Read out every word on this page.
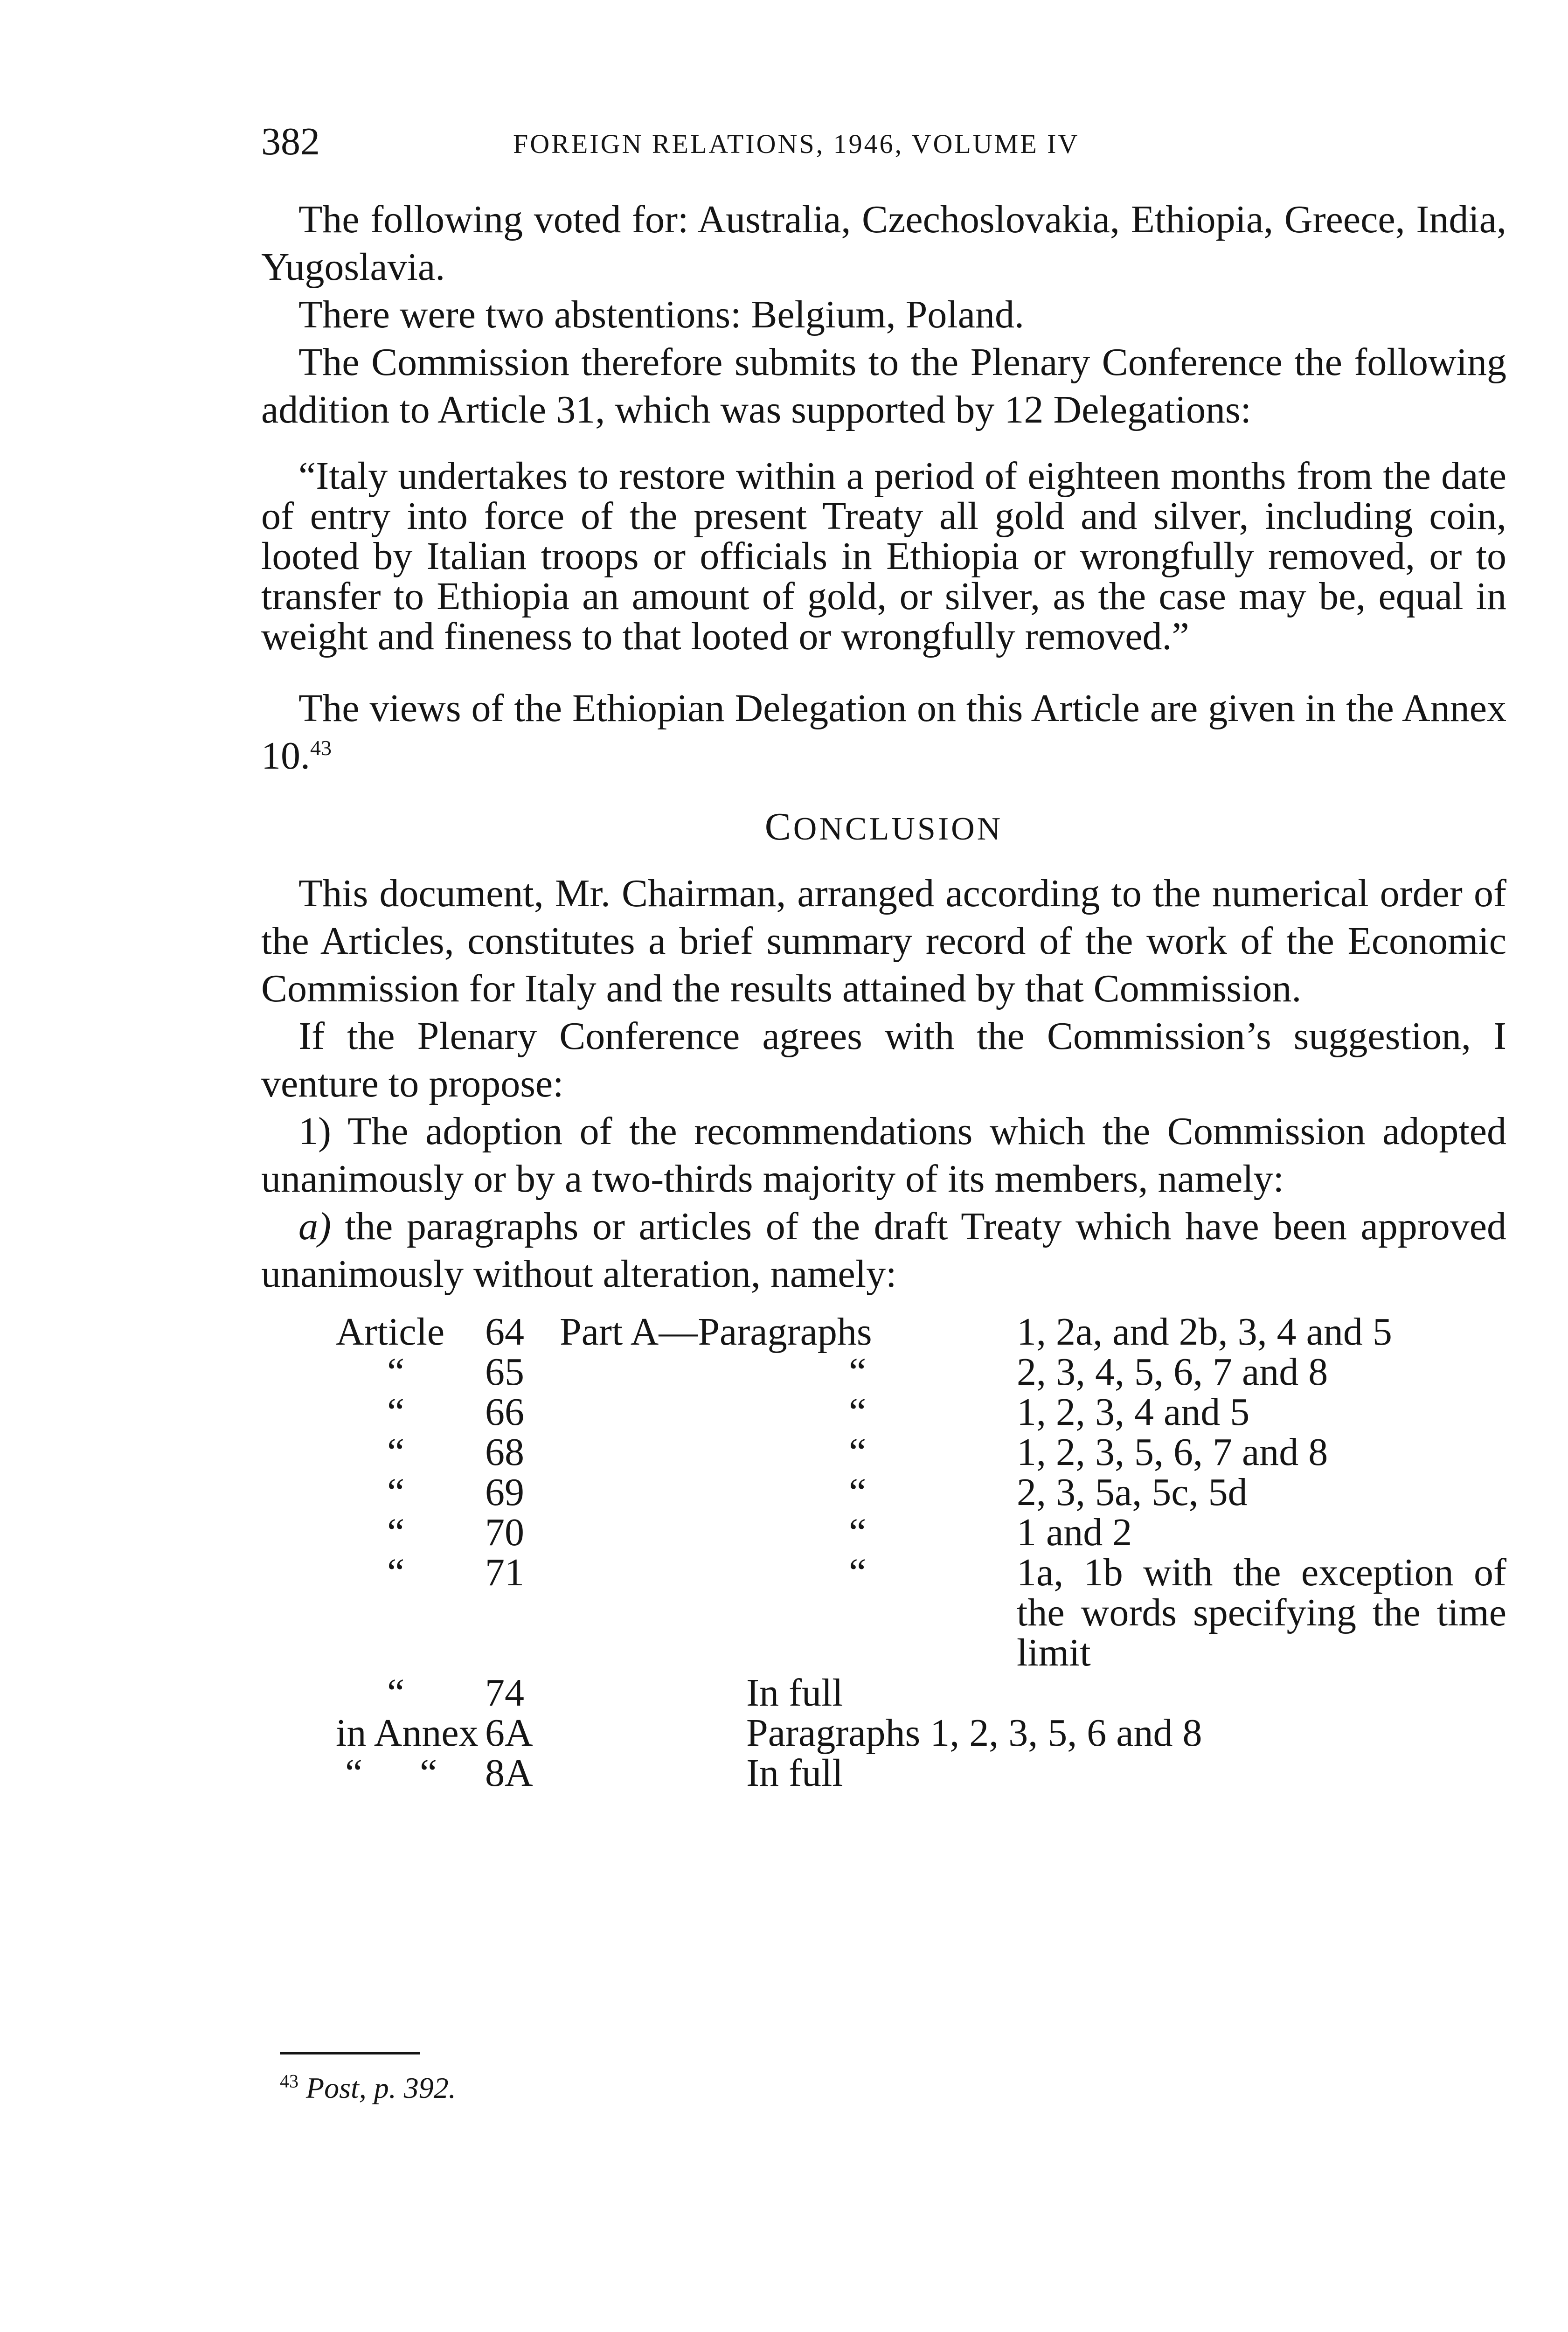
382	FOREIGN RELATIONS, 1946, VOLUME IV

The following voted for: Australia, Czechoslovakia, Ethiopia, Greece, India, Yugoslavia.

There were two abstentions: Belgium, Poland.

The Commission therefore submits to the Plenary Conference the following addition to Article 31, which was supported by 12 Delegations:

“Italy undertakes to restore within a period of eighteen months from the date of entry into force of the present Treaty all gold and silver, including coin, looted by Italian troops or officials in Ethiopia or wrongfully removed, or to transfer to Ethiopia an amount of gold, or silver, as the case may be, equal in weight and fineness to that looted or wrongfully removed.”

The views of the Ethiopian Delegation on this Article are given in the Annex 10.43

CONCLUSION

This document, Mr. Chairman, arranged according to the numerical order of the Articles, constitutes a brief summary record of the work of the Economic Commission for Italy and the results attained by that Commission.

If the Plenary Conference agrees with the Commission’s suggestion, I venture to propose:

1) The adoption of the recommendations which the Commission adopted unanimously or by a two-thirds majority of its members, namely:

a) the paragraphs or articles of the draft Treaty which have been approved unanimously without alteration, namely:

Article 64 Part A—Paragraphs	1, 2a, and 2b, 3, 4 and 5
“ 65	“	2, 3, 4, 5, 6, 7 and 8
“ 66	“	1, 2, 3, 4 and 5
“ 68	“	1, 2, 3, 5, 6, 7 and 8
“ 69	“	2, 3, 5a, 5c, 5d
“ 70	“	1 and 2
“ 71	“	1a, 1b with the exception of the words specifying the time limit
“ 74	In full
in Annex 6A	Paragraphs 1, 2, 3, 5, 6 and 8
“ “ 8A	In full
$^{43}$ Post, p. 392.
